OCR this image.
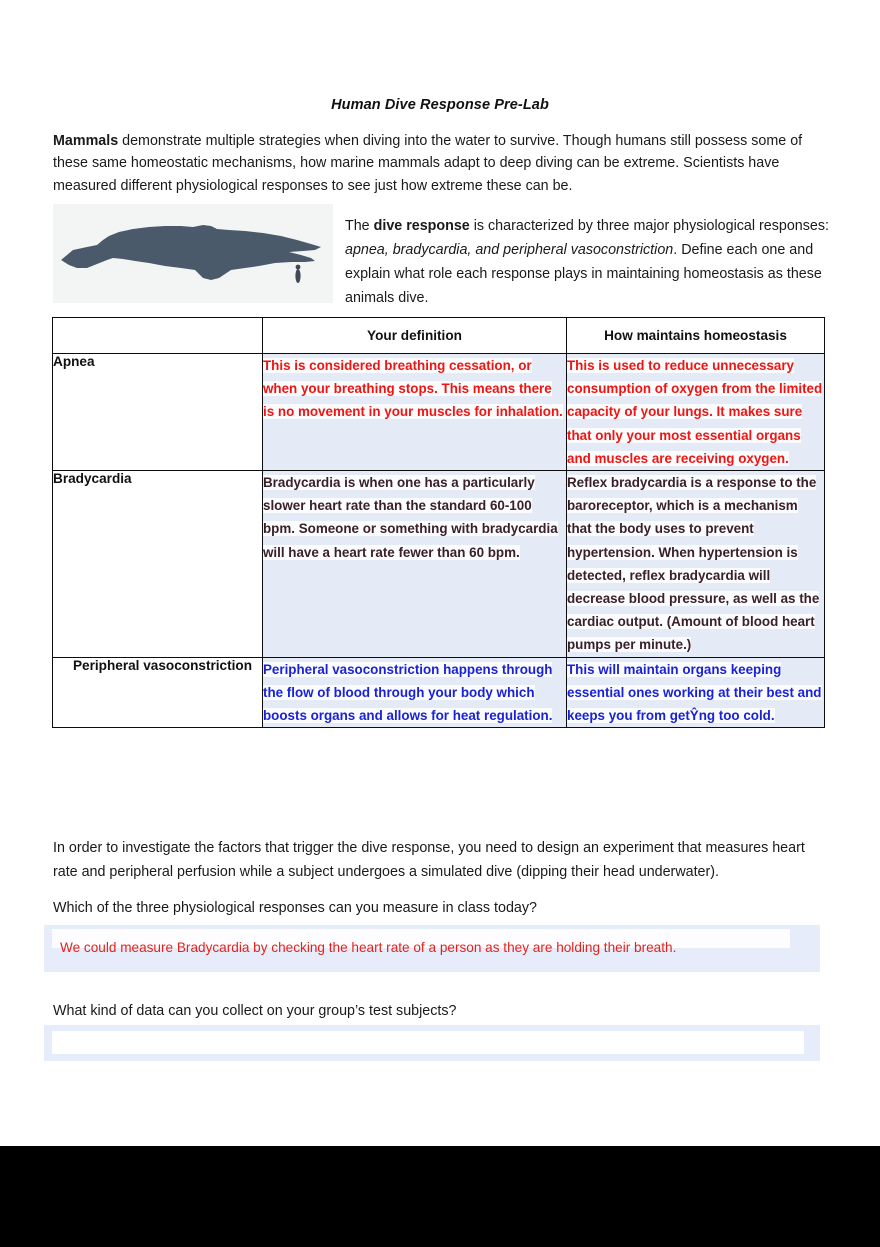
Human Dive Response Pre-Lab
Mammals demonstrate multiple strategies when diving into the water to survive. Though humans still possess some of these same homeostatic mechanisms, how marine mammals adapt to deep diving can be extreme. Scientists have measured different physiological responses to see just how extreme these can be.
The dive response is characterized by three major physiological responses: apnea, bradycardia, and peripheral vasoconstriction. Define each one and explain what role each response plays in maintaining homeostasis as these animals dive.
	Your definition	How maintains homeostasis
Apnea	This is considered breathing cessation, or when your breathing stops. This means there is no movement in your muscles for inhalation.	This is used to reduce unnecessary consumption of oxygen from the limited capacity of your lungs. It makes sure that only your most essential organs and muscles are receiving oxygen.
Bradycardia	Bradycardia is when one has a particularly slower heart rate than the standard 60-100 bpm. Someone or something with bradycardia will have a heart rate fewer than 60 bpm.	Reflex bradycardia is a response to the baroreceptor, which is a mechanism that the body uses to prevent hypertension. When hypertension is detected, reflex bradycardia will decrease blood pressure, as well as the cardiac output. (Amount of blood heart pumps per minute.)
Peripheral vasoconstriction	Peripheral vasoconstriction happens through the flow of blood through your body which boosts organs and allows for heat regulation.	This will maintain organs keeping essential ones working at their best and keeps you from getŶng too cold.
In order to investigate the factors that trigger the dive response, you need to design an experiment that measures heart rate and peripheral perfusion while a subject undergoes a simulated dive (dipping their head underwater).
Which of the three physiological responses can you measure in class today?
We could measure Bradycardia by checking the heart rate of a person as they are holding their breath.
What kind of data can you collect on your group’s test subjects?
